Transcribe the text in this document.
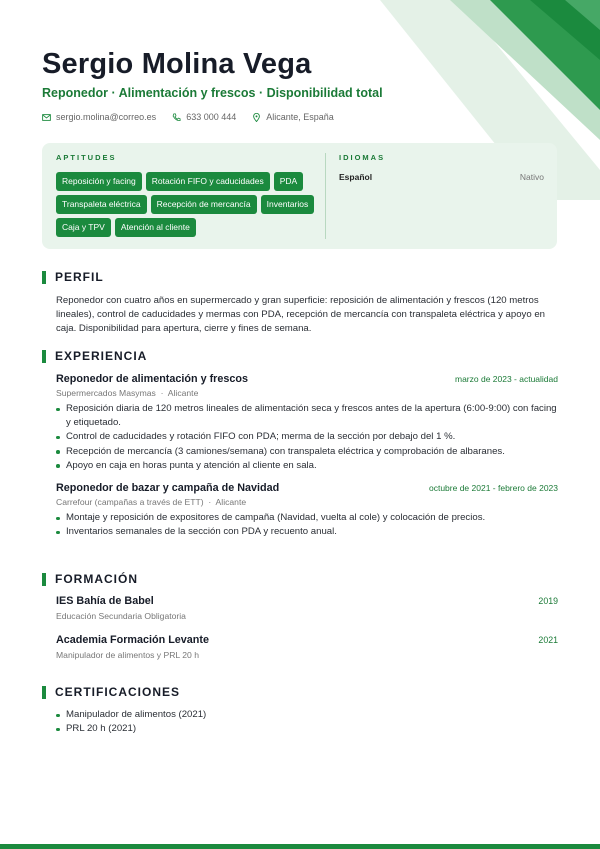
Sergio Molina Vega
Reponedor · Alimentación y frescos · Disponibilidad total
sergio.molina@correo.es	633 000 444	Alicante, España
APTITUDES
Reposición y facing	Rotación FIFO y caducidades	PDA
Transpaleta eléctrica	Recepción de mercancía	Inventarios
Caja y TPV	Atención al cliente
IDIOMAS
Español	Nativo
PERFIL
Reponedor con cuatro años en supermercado y gran superficie: reposición de alimentación y frescos (120 metros lineales), control de caducidades y mermas con PDA, recepción de mercancía con transpaleta eléctrica y apoyo en caja. Disponibilidad para apertura, cierre y fines de semana.
EXPERIENCIA
Reponedor de alimentación y frescos	marzo de 2023 - actualidad
Supermercados Masymas  ·  Alicante
Reposición diaria de 120 metros lineales de alimentación seca y frescos antes de la apertura (6:00-9:00) con facing y etiquetado.
Control de caducidades y rotación FIFO con PDA; merma de la sección por debajo del 1 %.
Recepción de mercancía (3 camiones/semana) con transpaleta eléctrica y comprobación de albaranes.
Apoyo en caja en horas punta y atención al cliente en sala.
Reponedor de bazar y campaña de Navidad	octubre de 2021 - febrero de 2023
Carrefour (campañas a través de ETT)  ·  Alicante
Montaje y reposición de expositores de campaña (Navidad, vuelta al cole) y colocación de precios.
Inventarios semanales de la sección con PDA y recuento anual.
FORMACIÓN
IES Bahía de Babel	2019
Educación Secundaria Obligatoria
Academia Formación Levante	2021
Manipulador de alimentos y PRL 20 h
CERTIFICACIONES
Manipulador de alimentos (2021)
PRL 20 h (2021)
